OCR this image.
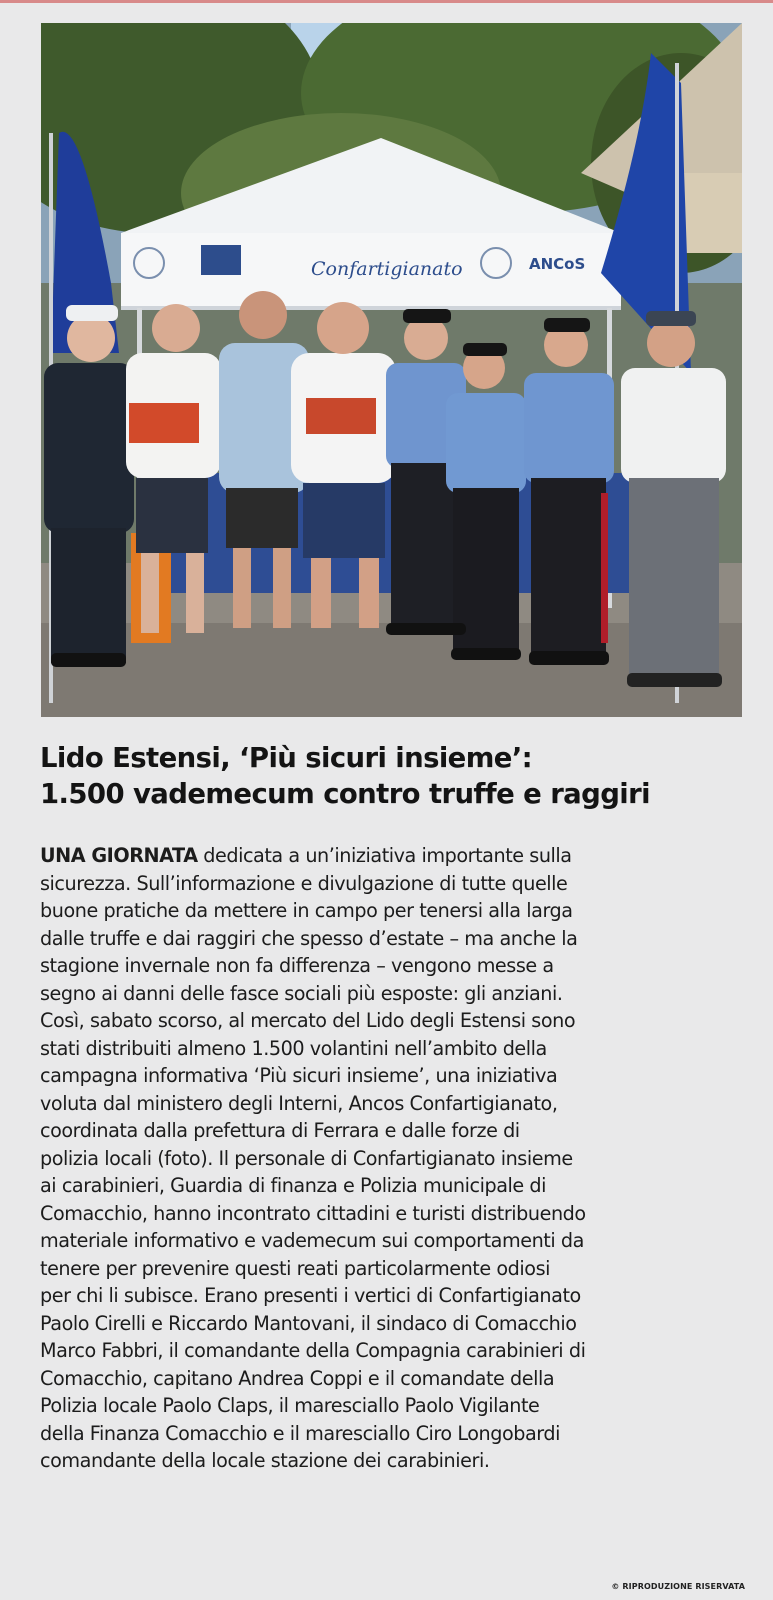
Confartigianato	ANCoS
Lido Estensi, ‘Più sicuri insieme’:
1.500 vademecum contro truffe e raggiri
UNA GIORNATA dedicata a un’iniziativa importante sulla
sicurezza. Sull’informazione e divulgazione di tutte quelle
buone pratiche da mettere in campo per tenersi alla larga
dalle truffe e dai raggiri che spesso d’estate – ma anche la
stagione invernale non fa differenza – vengono messe a
segno ai danni delle fasce sociali più esposte: gli anziani.
Così, sabato scorso, al mercato del Lido degli Estensi sono
stati distribuiti almeno 1.500 volantini nell’ambito della
campagna informativa ‘Più sicuri insieme’, una iniziativa
voluta dal ministero degli Interni, Ancos Confartigianato,
coordinata dalla prefettura di Ferrara e dalle forze di
polizia locali (foto). Il personale di Confartigianato insieme
ai carabinieri, Guardia di finanza e Polizia municipale di
Comacchio, hanno incontrato cittadini e turisti distribuendo
materiale informativo e vademecum sui comportamenti da
tenere per prevenire questi reati particolarmente odiosi
per chi li subisce. Erano presenti i vertici di Confartigianato
Paolo Cirelli e Riccardo Mantovani, il sindaco di Comacchio
Marco Fabbri, il comandante della Compagnia carabinieri di
Comacchio, capitano Andrea Coppi e il comandate della
Polizia locale Paolo Claps, il maresciallo Paolo Vigilante
della Finanza Comacchio e il maresciallo Ciro Longobardi
comandante della locale stazione dei carabinieri.
© RIPRODUZIONE RISERVATA
